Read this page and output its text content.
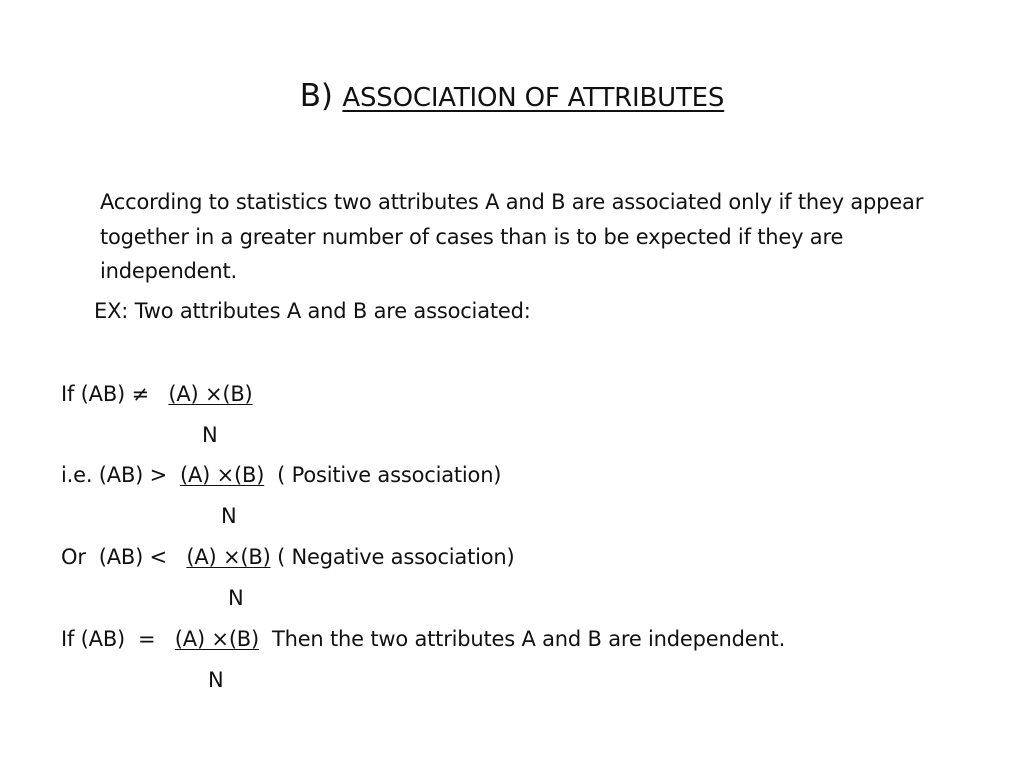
B) ASSOCIATION OF ATTRIBUTES
According to statistics two attributes A and B are associated only if they appear together in a greater number of cases than is to be expected if they are independent.
EX: Two attributes A and B are associated:
If (AB) ≠   (A) ×(B)
N
i.e. (AB) >  (A) ×(B)  ( Positive association)
N
Or  (AB) <   (A) ×(B) ( Negative association)
N
If (AB)  =   (A) ×(B)  Then the two attributes A and B are independent.
N
